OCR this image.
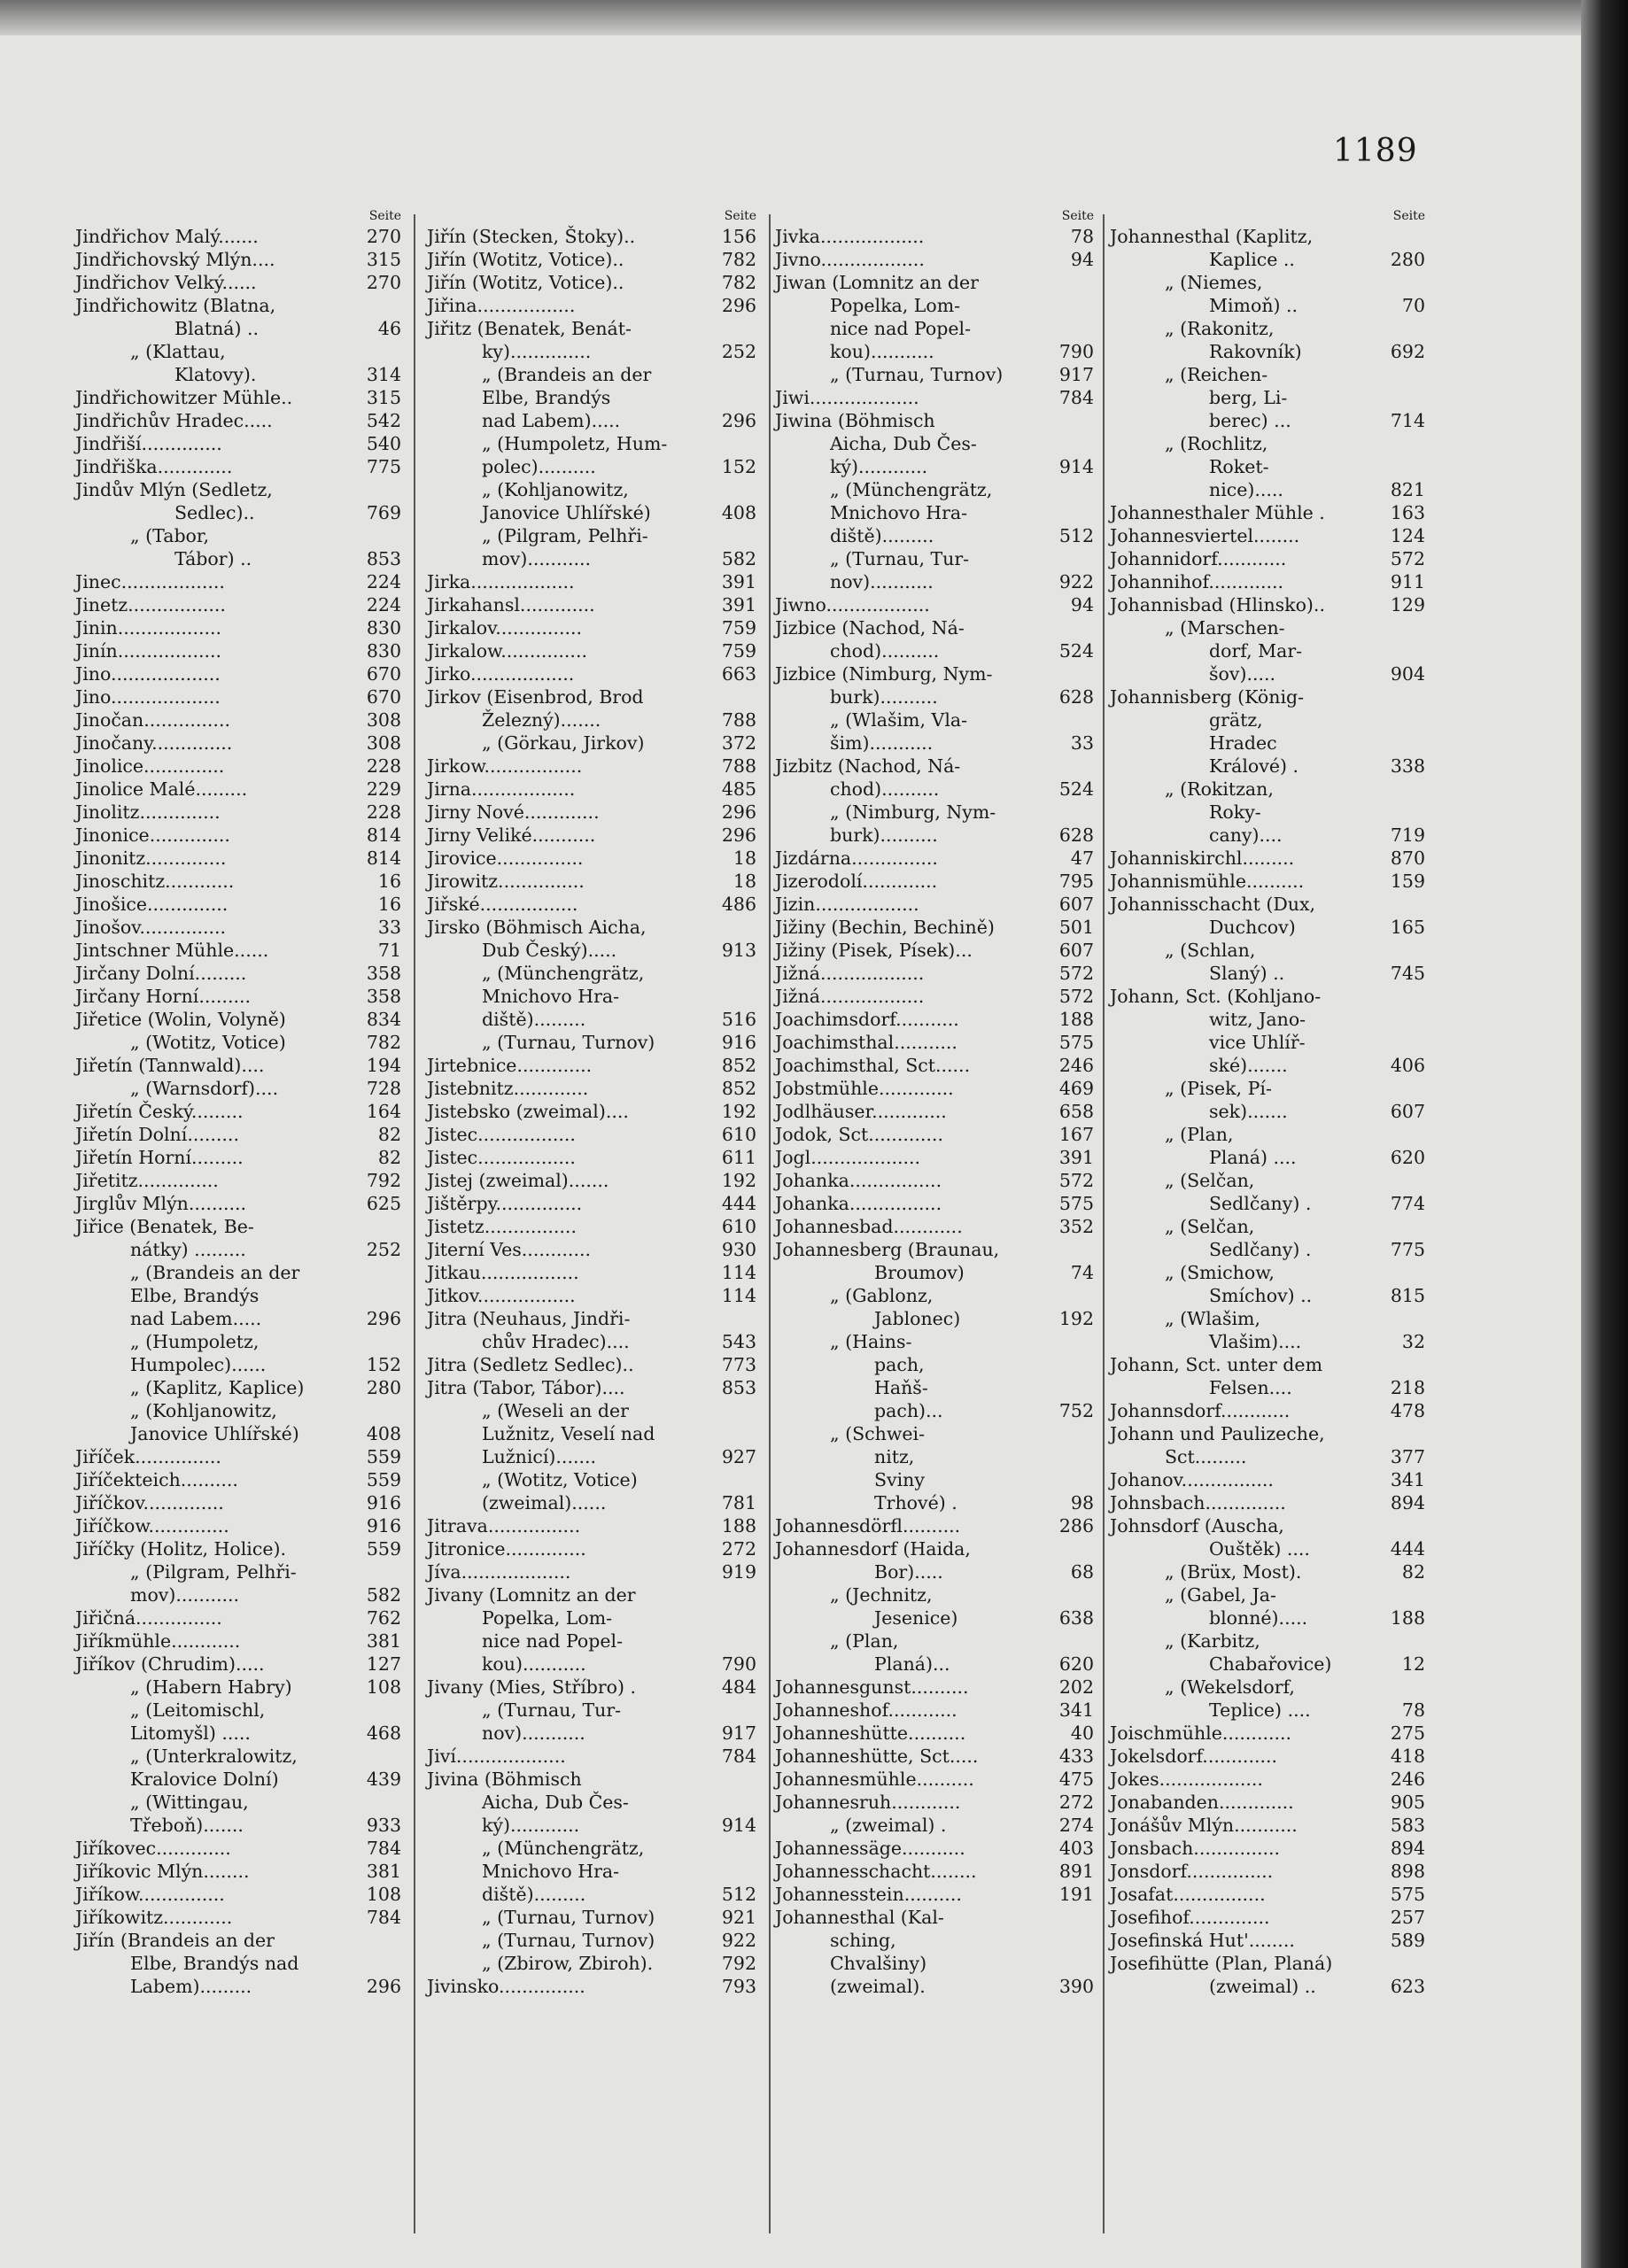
1189
Seite
Jindřichov Malý.......	270
Jindřichovský Mlýn....	315
Jindřichov Velký......	270
Jindřichowitz (Blatna,
Blatná) ..	46
„ (Klattau,
Klatovy).	314
Jindřichowitzer Mühle..	315
Jindřichův Hradec.....	542
Jindřiší..............	540
Jindřiška.............	775
Jindův Mlýn (Sedletz,
Sedlec)..	769
„ (Tabor,
Tábor) ..	853
Jinec..................	224
Jinetz.................	224
Jinin..................	830
Jinín..................	830
Jino...................	670
Jino...................	670
Jinočan...............	308
Jinočany..............	308
Jinolice..............	228
Jinolice Malé.........	229
Jinolitz..............	228
Jinonice..............	814
Jinonitz..............	814
Jinoschitz............	16
Jinošice..............	16
Jinošov...............	33
Jintschner Mühle......	71
Jirčany Dolní.........	358
Jirčany Horní.........	358
Jiřetice (Wolin, Volyně)	834
„ (Wotitz, Votice)	782
Jiřetín (Tannwald)....	194
„ (Warnsdorf)....	728
Jiřetín Český.........	164
Jiřetín Dolní.........	82
Jiřetín Horní.........	82
Jiřetitz..............	792
Jirglův Mlýn..........	625
Jiřice (Benatek, Be-
nátky) .........	252
„ (Brandeis an der
Elbe, Brandýs
nad Labem.....	296
„ (Humpoletz,
Humpolec)......	152
„ (Kaplitz, Kaplice)	280
„ (Kohljanowitz,
Janovice Uhlířské)	408
Jiříček...............	559
Jiříčekteich..........	559
Jiříčkov..............	916
Jiříčkow..............	916
Jiříčky (Holitz, Holice).	559
„ (Pilgram, Pelhři-
mov)...........	582
Jiřičná...............	762
Jiříkmühle............	381
Jiříkov (Chrudim).....	127
„ (Habern Habry)	108
„ (Leitomischl,
Litomyšl) .....	468
„ (Unterkralowitz,
Kralovice Dolní)	439
„ (Wittingau,
Třeboň).......	933
Jiříkovec.............	784
Jiříkovic Mlýn........	381
Jiříkow...............	108
Jiříkowitz............	784
Jiřín (Brandeis an der
Elbe, Brandýs nad
Labem).........	296
Seite
Jiřín (Stecken, Štoky)..	156
Jiřín (Wotitz, Votice)..	782
Jiřín (Wotitz, Votice)..	782
Jiřina.................	296
Jiřitz (Benatek, Benát-
ky)..............	252
„ (Brandeis an der
Elbe, Brandýs
nad Labem).....	296
„ (Humpoletz, Hum-
polec)..........	152
„ (Kohljanowitz,
Janovice Uhlířské)	408
„ (Pilgram, Pelhři-
mov)...........	582
Jirka..................	391
Jirkahansl.............	391
Jirkalov...............	759
Jirkalow...............	759
Jirko..................	663
Jirkov (Eisenbrod, Brod
Železný).......	788
„ (Görkau, Jirkov)	372
Jirkow.................	788
Jirna..................	485
Jirny Nové.............	296
Jirny Veliké...........	296
Jirovice...............	18
Jirowitz...............	18
Jiřské.................	486
Jirsko (Böhmisch Aicha,
Dub Český).....	913
„ (Münchengrätz,
Mnichovo Hra-
diště).........	516
„ (Turnau, Turnov)	916
Jirtebnice.............	852
Jistebnitz.............	852
Jistebsko (zweimal)....	192
Jistec.................	610
Jistec.................	611
Jistej (zweimal).......	192
Jištěrpy...............	444
Jistetz................	610
Jiterní Ves............	930
Jitkau.................	114
Jitkov.................	114
Jitra (Neuhaus, Jindři-
chův Hradec)....	543
Jitra (Sedletz Sedlec)..	773
Jitra (Tabor, Tábor)....	853
„ (Weseli an der
Lužnitz, Veselí nad
Lužnicí).......	927
„ (Wotitz, Votice)
(zweimal)......	781
Jitrava................	188
Jitronice..............	272
Jíva...................	919
Jivany (Lomnitz an der
Popelka, Lom-
nice nad Popel-
kou)...........	790
Jivany (Mies, Stříbro) .	484
„ (Turnau, Tur-
nov)...........	917
Jiví...................	784
Jivina (Böhmisch
Aicha, Dub Čes-
ký)............	914
„ (Münchengrätz,
Mnichovo Hra-
diště).........	512
„ (Turnau, Turnov)	921
„ (Turnau, Turnov)	922
„ (Zbirow, Zbiroh).	792
Jivinsko...............	793
Seite
Jivka..................	78
Jivno..................	94
Jiwan (Lomnitz an der
Popelka, Lom-
nice nad Popel-
kou)...........	790
„ (Turnau, Turnov)	917
Jiwi...................	784
Jiwina (Böhmisch
Aicha, Dub Čes-
ký)............	914
„ (Münchengrätz,
Mnichovo Hra-
diště).........	512
„ (Turnau, Tur-
nov)...........	922
Jiwno..................	94
Jizbice (Nachod, Ná-
chod)..........	524
Jizbice (Nimburg, Nym-
burk)..........	628
„ (Wlašim, Vla-
šim)...........	33
Jizbitz (Nachod, Ná-
chod)..........	524
„ (Nimburg, Nym-
burk)..........	628
Jizdárna...............	47
Jizerodolí.............	795
Jizin..................	607
Jižiny (Bechin, Bechině)	501
Jižiny (Pisek, Písek)...	607
Jižná..................	572
Jižná..................	572
Joachimsdorf...........	188
Joachimsthal...........	575
Joachimsthal, Sct......	246
Jobstmühle.............	469
Jodlhäuser.............	658
Jodok, Sct.............	167
Jogl...................	391
Johanka................	572
Johanka................	575
Johannesbad............	352
Johannesberg (Braunau,
Broumov)	74
„ (Gablonz,
Jablonec)	192
„ (Hains-
pach,
Haňš-
pach)...	752
„ (Schwei-
nitz,
Sviny
Trhové) .	98
Johannesdörfl..........	286
Johannesdorf (Haida,
Bor).....	68
„ (Jechnitz,
Jesenice)	638
„ (Plan,
Planá)...	620
Johannesgunst..........	202
Johanneshof............	341
Johanneshütte..........	40
Johanneshütte, Sct.....	433
Johannesmühle..........	475
Johannesruh............	272
„ (zweimal) .	274
Johannessäge...........	403
Johannesschacht........	891
Johannesstein..........	191
Johannesthal (Kal-
sching,
Chvalšiny)
(zweimal).	390
Seite
Johannesthal (Kaplitz,
Kaplice ..	280
„ (Niemes,
Mimoň) ..	70
„ (Rakonitz,
Rakovník)	692
„ (Reichen-
berg, Li-
berec) ...	714
„ (Rochlitz,
Roket-
nice).....	821
Johannesthaler Mühle .	163
Johannesviertel........	124
Johannidorf............	572
Johannihof.............	911
Johannisbad (Hlinsko)..	129
„ (Marschen-
dorf, Mar-
šov).....	904
Johannisberg (König-
grätz,
Hradec
Králové) .	338
„ (Rokitzan,
Roky-
cany)....	719
Johanniskirchl.........	870
Johannismühle..........	159
Johannisschacht (Dux,
Duchcov)	165
„ (Schlan,
Slaný) ..	745
Johann, Sct. (Kohljano-
witz, Jano-
vice Uhlíř-
ské).......	406
„ (Pisek, Pí-
sek).......	607
„ (Plan,
Planá) ....	620
„ (Selčan,
Sedlčany) .	774
„ (Selčan,
Sedlčany) .	775
„ (Smichow,
Smíchov) ..	815
„ (Wlašim,
Vlašim)....	32
Johann, Sct. unter dem
Felsen....	218
Johannsdorf............	478
Johann und Paulizeche,
Sct.........	377
Johanov................	341
Johnsbach..............	894
Johnsdorf (Auscha,
Ouštěk) ....	444
„ (Brüx, Most).	82
„ (Gabel, Ja-
blonné).....	188
„ (Karbitz,
Chabařovice)	12
„ (Wekelsdorf,
Teplice) ....	78
Joischmühle............	275
Jokelsdorf.............	418
Jokes..................	246
Jonabanden.............	905
Jonášův Mlýn...........	583
Jonsbach...............	894
Jonsdorf...............	898
Josafat................	575
Josefihof..............	257
Josefinská Hut'........	589
Josefihütte (Plan, Planá)
(zweimal) ..	623
